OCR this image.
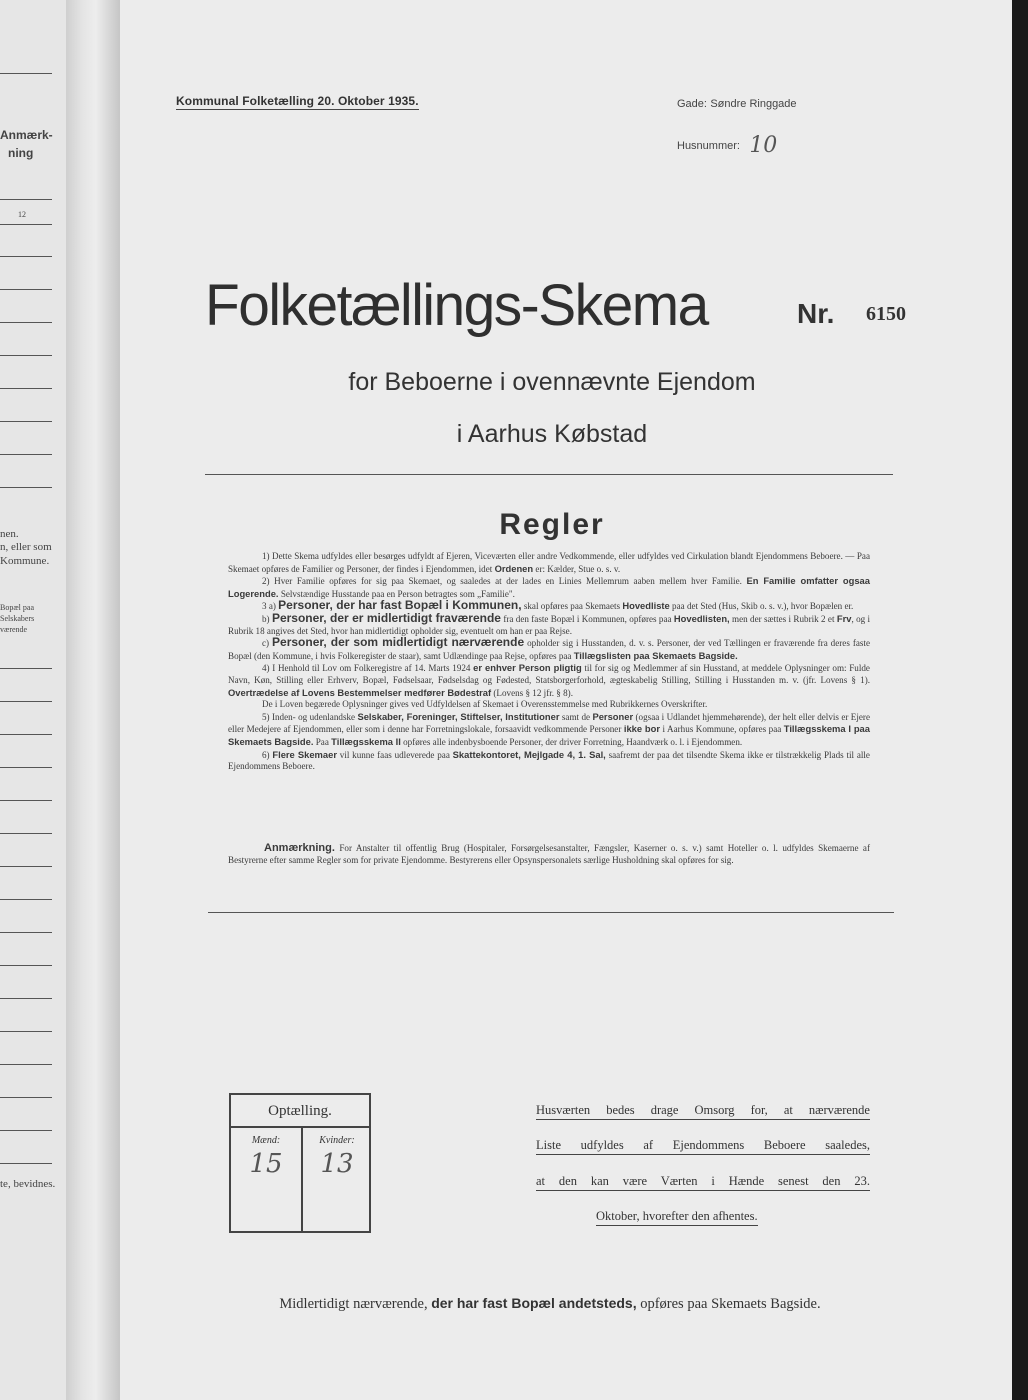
Anmærk-
ning
12
nen.
n, eller som
Kommune.
Bopæl paa
Selskabers
værende
te, bevidnes.
Kommunal Folketælling 20. Oktober 1935.	Gade: Søndre Ringgade
Husnummer: 10
Folketællings-Skema	Nr. 6150
for Beboerne i ovennævnte Ejendom
i Aarhus Købstad
Regler

1) Dette Skema udfyldes eller besørges udfyldt af Ejeren, Viceværten eller andre Vedkommende, eller udfyldes ved Cirkulation blandt Ejendommens Beboere. — Paa Skemaet opføres de Familier og Personer, der findes i Ejendommen, idet Ordenen er: Kælder, Stue o. s. v.

2) Hver Familie opføres for sig paa Skemaet, og saaledes at der lades en Linies Mellemrum aaben mellem hver Familie. En Familie omfatter ogsaa Logerende. Selvstændige Husstande paa en Person betragtes som „Familie".

3 a) Personer, der har fast Bopæl i Kommunen, skal opføres paa Skemaets Hovedliste paa det Sted (Hus, Skib o. s. v.), hvor Bopælen er.

b) Personer, der er midlertidigt fraværende fra den faste Bopæl i Kommunen, opføres paa Hovedlisten, men der sættes i Rubrik 2 et Frv, og i Rubrik 18 angives det Sted, hvor han midlertidigt opholder sig, eventuelt om han er paa Rejse.

c) Personer, der som midlertidigt nærværende opholder sig i Husstanden, d. v. s. Personer, der ved Tællingen er fraværende fra deres faste Bopæl (den Kommune, i hvis Folkeregister de staar), samt Udlændinge paa Rejse, opføres paa Tillægslisten paa Skemaets Bagside.

4) I Henhold til Lov om Folkeregistre af 14. Marts 1924 er enhver Person pligtig til for sig og Medlemmer af sin Husstand, at meddele Oplysninger om: Fulde Navn, Køn, Stilling eller Erhverv, Bopæl, Fødselsaar, Fødselsdag og Fødested, Statsborgerforhold, ægteskabelig Stilling, Stilling i Husstanden m. v. (jfr. Lovens § 1). Overtrædelse af Lovens Bestemmelser medfører Bødestraf (Lovens § 12 jfr. § 8).

De i Loven begærede Oplysninger gives ved Udfyldelsen af Skemaet i Overensstemmelse med Rubrikkernes Overskrifter.

5) Inden- og udenlandske Selskaber, Foreninger, Stiftelser, Institutioner samt de Personer (ogsaa i Udlandet hjemmehørende), der helt eller delvis er Ejere eller Medejere af Ejendommen, eller som i denne har Forretningslokale, forsaavidt vedkommende Personer ikke bor i Aarhus Kommune, opføres paa Tillægsskema I paa Skemaets Bagside. Paa Tillægsskema II opføres alle indenbysboende Personer, der driver Forretning, Haandværk o. l. i Ejendommen.

6) Flere Skemaer vil kunne faas udleverede paa Skattekontoret, Mejlgade 4, 1. Sal, saafremt der paa det tilsendte Skema ikke er tilstrækkelig Plads til alle Ejendommens Beboere.

Anmærkning. For Anstalter til offentlig Brug (Hospitaler, Forsørgelsesanstalter, Fængsler, Kaserner o. s. v.) samt Hoteller o. l. udfyldes Skemaerne af Bestyrerne efter samme Regler som for private Ejendomme. Bestyrerens eller Opsynspersonalets særlige Husholdning skal opføres for sig.

Optælling.
Mænd:	Kvinder:
15	13
Husværten bedes drage Omsorg for, at nærværende
Liste udfyldes af Ejendommens Beboere saaledes,
at den kan være Værten i Hænde senest den 23.
Oktober, hvorefter den afhentes.
Midlertidigt nærværende, der har fast Bopæl andetsteds, opføres paa Skemaets Bagside.
